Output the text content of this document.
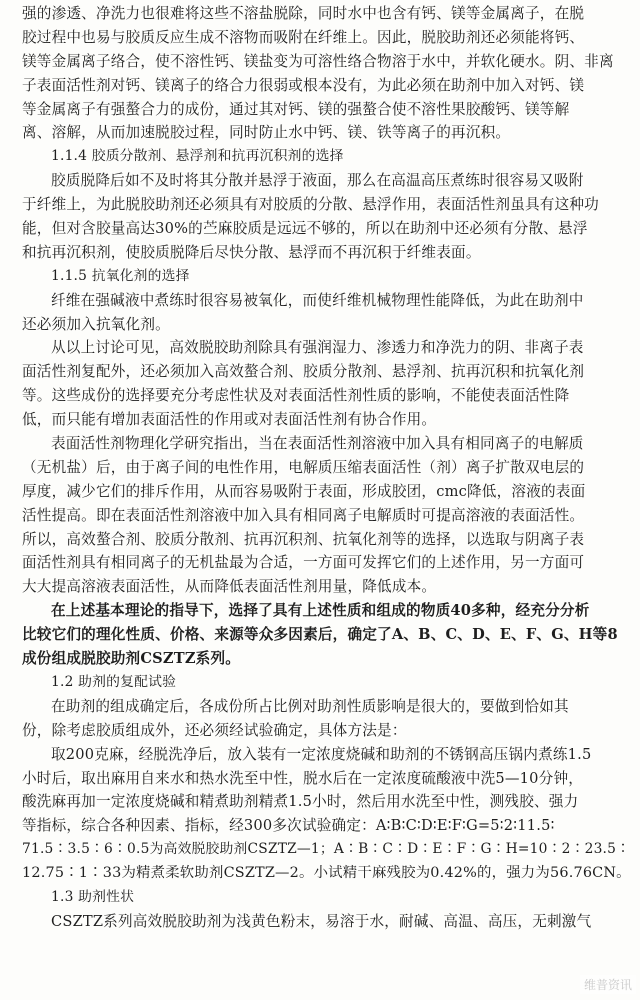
强的渗透、净洗力也很难将这些不溶盐脱除，同时水中也含有钙、镁等金属离子，在脱
胶过程中也易与胶质反应生成不溶物而吸附在纤维上。因此，脱胶助剂还必须能将钙、
镁等金属离子络合，使不溶性钙、镁盐变为可溶性络合物溶于水中，并软化硬水。阴、非离
子表面活性剂对钙、镁离子的络合力很弱或根本没有，为此必须在助剂中加入对钙、镁
等金属离子有强螯合力的成份，通过其对钙、镁的强螯合使不溶性果胶酸钙、镁等解
离、溶解，从而加速脱胶过程，同时防止水中钙、镁、铁等离子的再沉积。
1.1.4 胶质分散剂、悬浮剂和抗再沉积剂的选择
胶质脱降后如不及时将其分散并悬浮于液面，那么在高温高压煮练时很容易又吸附
于纤维上，为此脱胶助剂还必须具有对胶质的分散、悬浮作用，表面活性剂虽具有这种功
能，但对含胶量高达30%的苎麻胶质是远远不够的，所以在助剂中还必须有分散、悬浮
和抗再沉积剂，使胶质脱降后尽快分散、悬浮而不再沉积于纤维表面。
1.1.5 抗氧化剂的选择
纤维在强碱液中煮练时很容易被氧化，而使纤维机械物理性能降低，为此在助剂中
还必须加入抗氧化剂。
从以上讨论可见，高效脱胶助剂除具有强润湿力、渗透力和净洗力的阴、非离子表
面活性剂复配外，还必须加入高效螯合剂、胶质分散剂、悬浮剂、抗再沉积和抗氧化剂
等。这些成份的选择要充分考虑性状及对表面活性剂性质的影响，不能使表面活性降
低，而只能有增加表面活性的作用或对表面活性剂有协合作用。
表面活性剂物理化学研究指出，当在表面活性剂溶液中加入具有相同离子的电解质
（无机盐）后，由于离子间的电性作用，电解质压缩表面活性（剂）离子扩散双电层的
厚度，减少它们的排斥作用，从而容易吸附于表面，形成胶团，cmc降低，溶液的表面
活性提高。即在表面活性剂溶液中加入具有相同离子电解质时可提高溶液的表面活性。
所以，高效螯合剂、胶质分散剂、抗再沉积剂、抗氧化剂等的选择，以选取与阴离子表
面活性剂具有相同离子的无机盐最为合适，一方面可发挥它们的上述作用，另一方面可
大大提高溶液表面活性，从而降低表面活性剂用量，降低成本。
在上述基本理论的指导下，选择了具有上述性质和组成的物质40多种，经充分分析
比较它们的理化性质、价格、来源等众多因素后，确定了A、B、C、D、E、F、G、H等8
成份组成脱胶助剂CSZTZ系列。
1.2 助剂的复配试验
在助剂的组成确定后，各成份所占比例对助剂性质影响是很大的，要做到恰如其
份，除考虑胶质组成外，还必须经试验确定，具体方法是：
取200克麻，经脱洗净后，放入装有一定浓度烧碱和助剂的不锈钢高压锅内煮练1.5
小时后，取出麻用自来水和热水洗至中性，脱水后在一定浓度硫酸液中洗5—10分钟，
酸洗麻再加一定浓度烧碱和精煮助剂精煮1.5小时，然后用水洗至中性，测残胶、强力
等指标，综合各种因素、指标，经300多次试验确定：A∶B∶C∶D∶E∶F∶G=5∶2∶11.5∶
71.5∶3.5∶6∶0.5为高效脱胶助剂CSZTZ—1；A∶B∶C∶D∶E∶F∶G∶H=10∶2∶23.5∶
12.75∶1∶33为精煮柔软助剂CSZTZ—2。小试精干麻残胶为0.42%的，强力为56.76CN。
1.3 助剂性状
CSZTZ系列高效脱胶助剂为浅黄色粉末，易溶于水，耐碱、高温、高压，无刺激气
维普资讯
